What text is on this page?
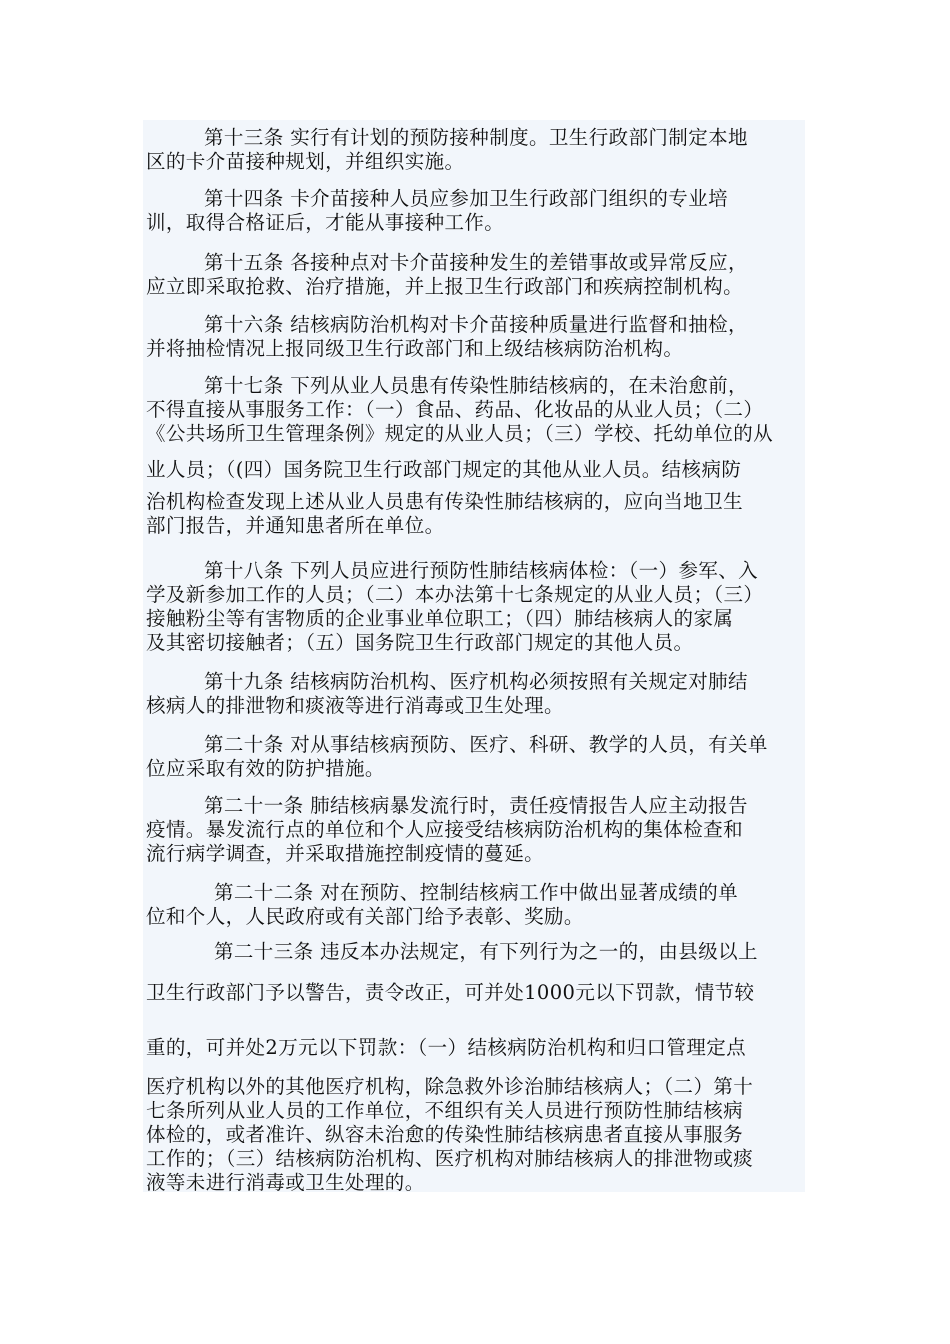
第十三条 实行有计划的预防接种制度。卫生行政部门制定本地
区的卡介苗接种规划，并组织实施。

第十四条 卡介苗接种人员应参加卫生行政部门组织的专业培
训，取得合格证后，才能从事接种工作。

第十五条 各接种点对卡介苗接种发生的差错事故或异常反应，
应立即采取抢救、治疗措施，并上报卫生行政部门和疾病控制机构。

第十六条 结核病防治机构对卡介苗接种质量进行监督和抽检，
并将抽检情况上报同级卫生行政部门和上级结核病防治机构。

第十七条 下列从业人员患有传染性肺结核病的，在未治愈前，
不得直接从事服务工作：（一）食品、药品、化妆品的从业人员；（二）
《公共场所卫生管理条例》规定的从业人员；（三）学校、托幼单位的从
业人员；（(四）国务院卫生行政部门规定的其他从业人员。结核病防
治机构检查发现上述从业人员患有传染性肺结核病的，应向当地卫生
部门报告，并通知患者所在单位。

第十八条 下列人员应进行预防性肺结核病体检：（一）参军、入
学及新参加工作的人员；（二）本办法第十七条规定的从业人员；（三）
接触粉尘等有害物质的企业事业单位职工；（四）肺结核病人的家属
及其密切接触者；（五）国务院卫生行政部门规定的其他人员。

第十九条 结核病防治机构、医疗机构必须按照有关规定对肺结
核病人的排泄物和痰液等进行消毒或卫生处理。

第二十条 对从事结核病预防、医疗、科研、教学的人员，有关单
位应采取有效的防护措施。

第二十一条 肺结核病暴发流行时，责任疫情报告人应主动报告
疫情。暴发流行点的单位和个人应接受结核病防治机构的集体检查和
流行病学调查，并采取措施控制疫情的蔓延。

第二十二条 对在预防、控制结核病工作中做出显著成绩的单
位和个人，人民政府或有关部门给予表彰、奖励。

第二十三条 违反本办法规定，有下列行为之一的，由县级以上
卫生行政部门予以警告，责令改正，可并处1000元以下罚款，情节较
重的，可并处2万元以下罚款：（一）结核病防治机构和归口管理定点
医疗机构以外的其他医疗机构，除急救外诊治肺结核病人；（二）第十
七条所列从业人员的工作单位，不组织有关人员进行预防性肺结核病
体检的，或者准许、纵容未治愈的传染性肺结核病患者直接从事服务
工作的；（三）结核病防治机构、医疗机构对肺结核病人的排泄物或痰
液等未进行消毒或卫生处理的。
